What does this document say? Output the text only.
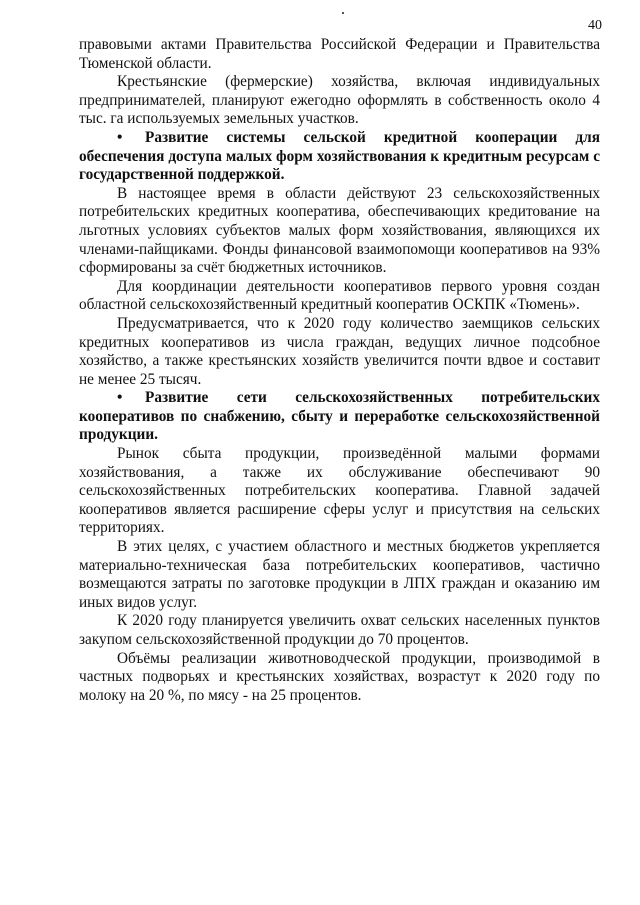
40

правовыми актами Правительства Российской Федерации и Правительства Тюменской области.

Крестьянские (фермерские) хозяйства, включая индивидуальных предпринимателей, планируют ежегодно оформлять в собственность около 4 тыс. га используемых земельных участков.

• Развитие системы сельской кредитной кооперации для обеспечения доступа малых форм хозяйствования к кредитным ресурсам с государственной поддержкой.

В настоящее время в области действуют 23 сельскохозяйственных потребительских кредитных кооператива, обеспечивающих кредитование на льготных условиях субъектов малых форм хозяйствования, являющихся их членами-пайщиками. Фонды финансовой взаимопомощи кооперативов на 93% сформированы за счёт бюджетных источников.

Для координации деятельности кооперативов первого уровня создан областной сельскохозяйственный кредитный кооператив ОСКПК «Тюмень».

Предусматривается, что к 2020 году количество заемщиков сельских кредитных кооперативов из числа граждан, ведущих личное подсобное хозяйство, а также крестьянских хозяйств увеличится почти вдвое и составит не менее 25 тысяч.

• Развитие сети сельскохозяйственных потребительских кооперативов по снабжению, сбыту и переработке сельскохозяйственной продукции.

Рынок сбыта продукции, произведённой малыми формами хозяйствования, а также их обслуживание обеспечивают 90 сельскохозяйственных потребительских кооператива. Главной задачей кооперативов является расширение сферы услуг и присутствия на сельских территориях.

В этих целях, с участием областного и местных бюджетов укрепляется материально-техническая база потребительских кооперативов, частично возмещаются затраты по заготовке продукции в ЛПХ граждан и оказанию им иных видов услуг.

К 2020 году планируется увеличить охват сельских населенных пунктов закупом сельскохозяйственной продукции до 70 процентов.

Объёмы реализации животноводческой продукции, производимой в частных подворьях и крестьянских хозяйствах, возрастут к 2020 году по молоку на 20 %, по мясу - на 25 процентов.
